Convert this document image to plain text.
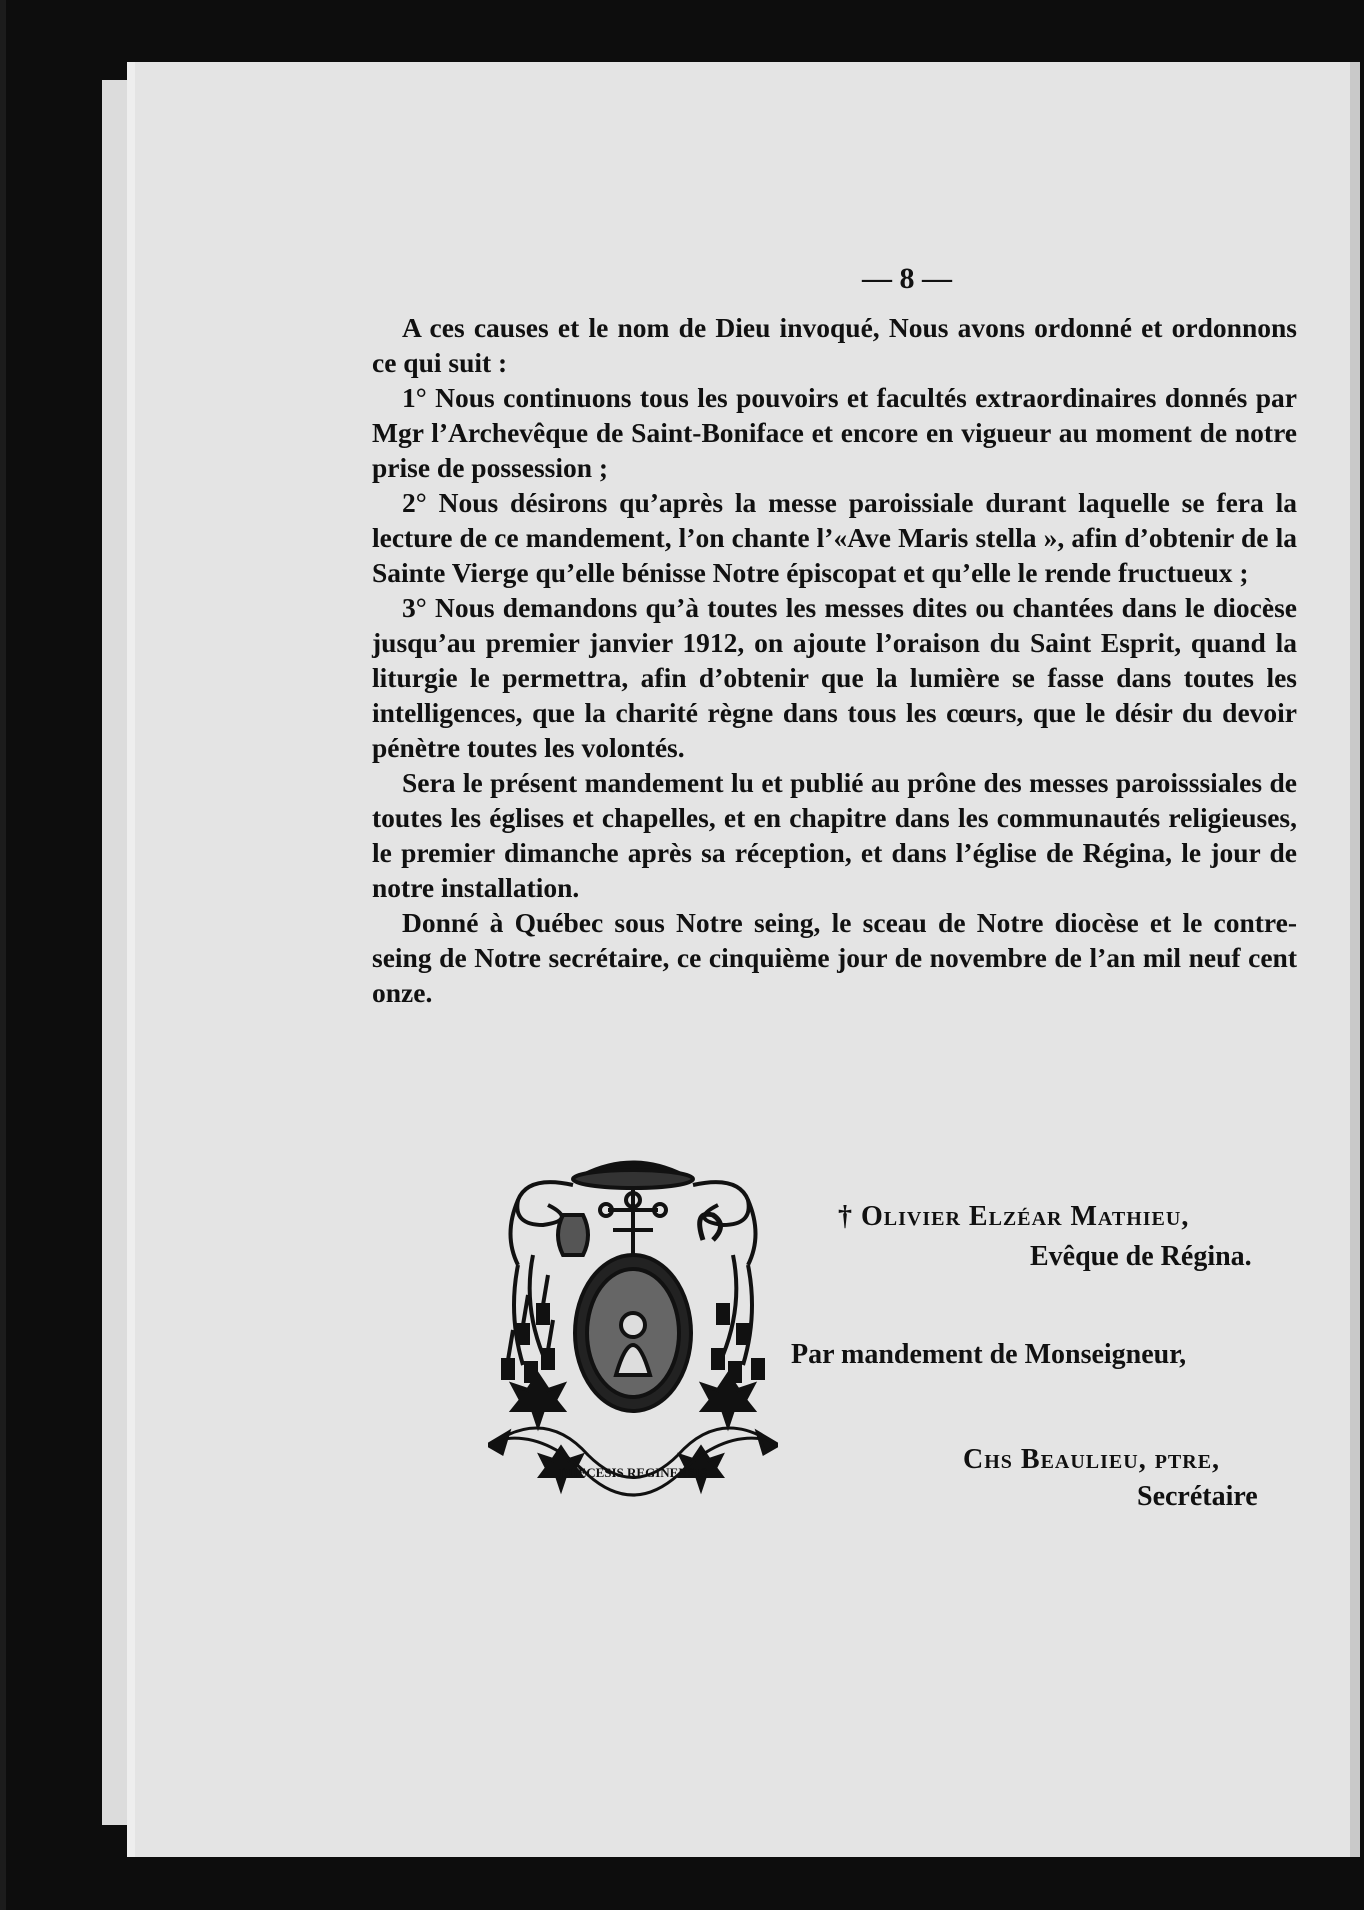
— 8 —

A ces causes et le nom de Dieu invoqué, Nous avons ordonné et ordonnons ce qui suit :

1° Nous continuons tous les pouvoirs et facultés extraordinaires donnés par Mgr l’Archevêque de Saint-Boniface et encore en vigueur au moment de notre prise de possession ;

2° Nous désirons qu’après la messe paroissiale durant laquelle se fera la lecture de ce mandement, l’on chante l’«Ave Maris stella », afin d’obtenir de la Sainte Vierge qu’elle bénisse Notre épiscopat et qu’elle le rende fructueux ;

3° Nous demandons qu’à toutes les messes dites ou chantées dans le diocèse jusqu’au premier janvier 1912, on ajoute l’oraison du Saint Esprit, quand la liturgie le permettra, afin d’obtenir que la lumière se fasse dans toutes les intelligences, que la charité règne dans tous les cœurs, que le désir du devoir pénètre toutes les volontés.

Sera le présent mandement lu et publié au prône des messes paroisssiales de toutes les églises et chapelles, et en chapitre dans les communautés religieuses, le premier dimanche après sa réception, et dans l’église de Régina, le jour de notre installation.

Donné à Québec sous Notre seing, le sceau de Notre diocèse et le contre-seing de Notre secrétaire, ce cinquième jour de novembre de l’an mil neuf cent onze.

DIŒCESIS REGINENSIS
† Olivier Elzéar Mathieu,
Evêque de Régina.
Par mandement de Monseigneur,
Chs Beaulieu, ptre,
Secrétaire
